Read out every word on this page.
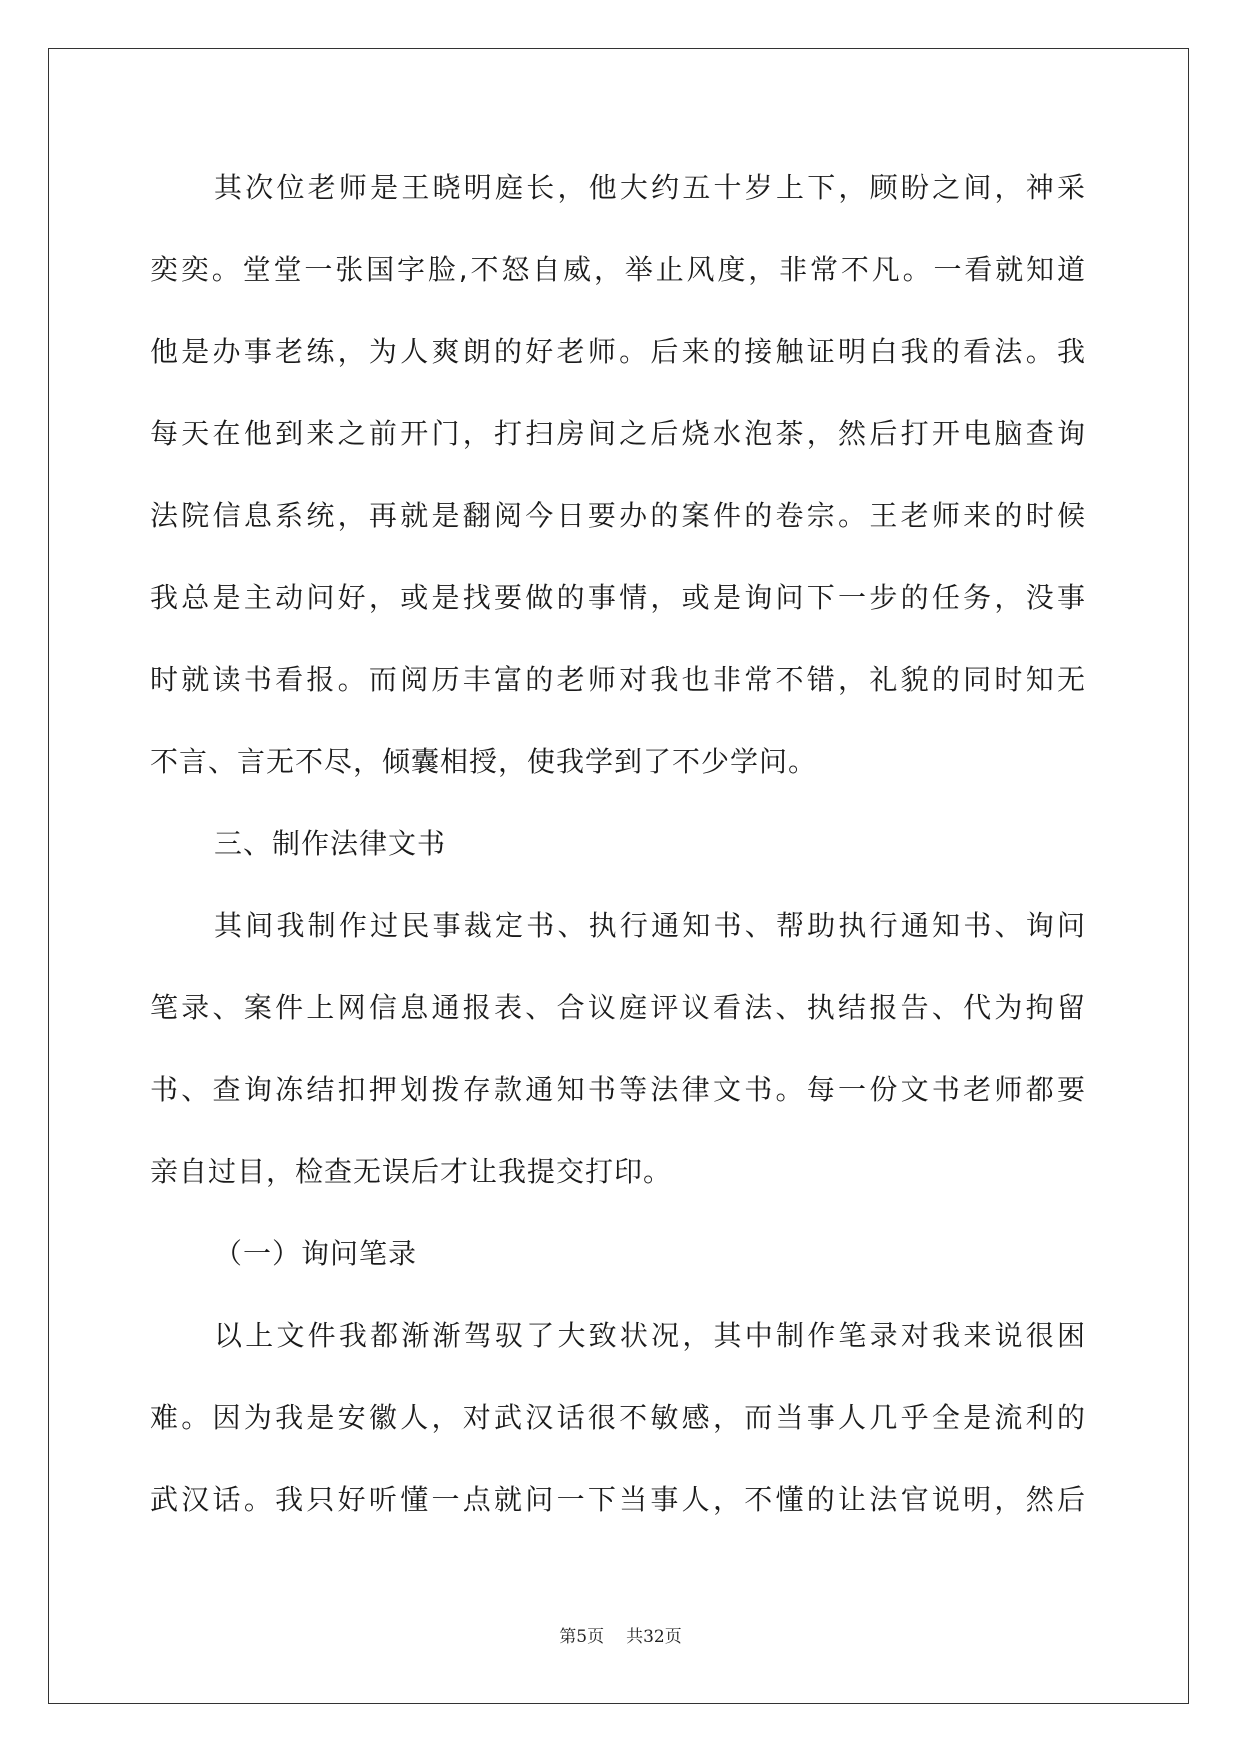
其次位老师是王晓明庭长，他大约五十岁上下，顾盼之间，神采
奕奕。堂堂一张国字脸,不怒自威，举止风度，非常不凡。一看就知道
他是办事老练，为人爽朗的好老师。后来的接触证明白我的看法。我
每天在他到来之前开门，打扫房间之后烧水泡茶，然后打开电脑查询
法院信息系统，再就是翻阅今日要办的案件的卷宗。王老师来的时候
我总是主动问好，或是找要做的事情，或是询问下一步的任务，没事
时就读书看报。而阅历丰富的老师对我也非常不错，礼貌的同时知无
不言、言无不尽，倾囊相授，使我学到了不少学问。
三、制作法律文书
其间我制作过民事裁定书、执行通知书、帮助执行通知书、询问
笔录、案件上网信息通报表、合议庭评议看法、执结报告、代为拘留
书、查询冻结扣押划拨存款通知书等法律文书。每一份文书老师都要
亲自过目，检查无误后才让我提交打印。
（一）询问笔录
以上文件我都渐渐驾驭了大致状况，其中制作笔录对我来说很困
难。因为我是安徽人，对武汉话很不敏感，而当事人几乎全是流利的
武汉话。我只好听懂一点就问一下当事人，不懂的让法官说明，然后
第5页 共32页
